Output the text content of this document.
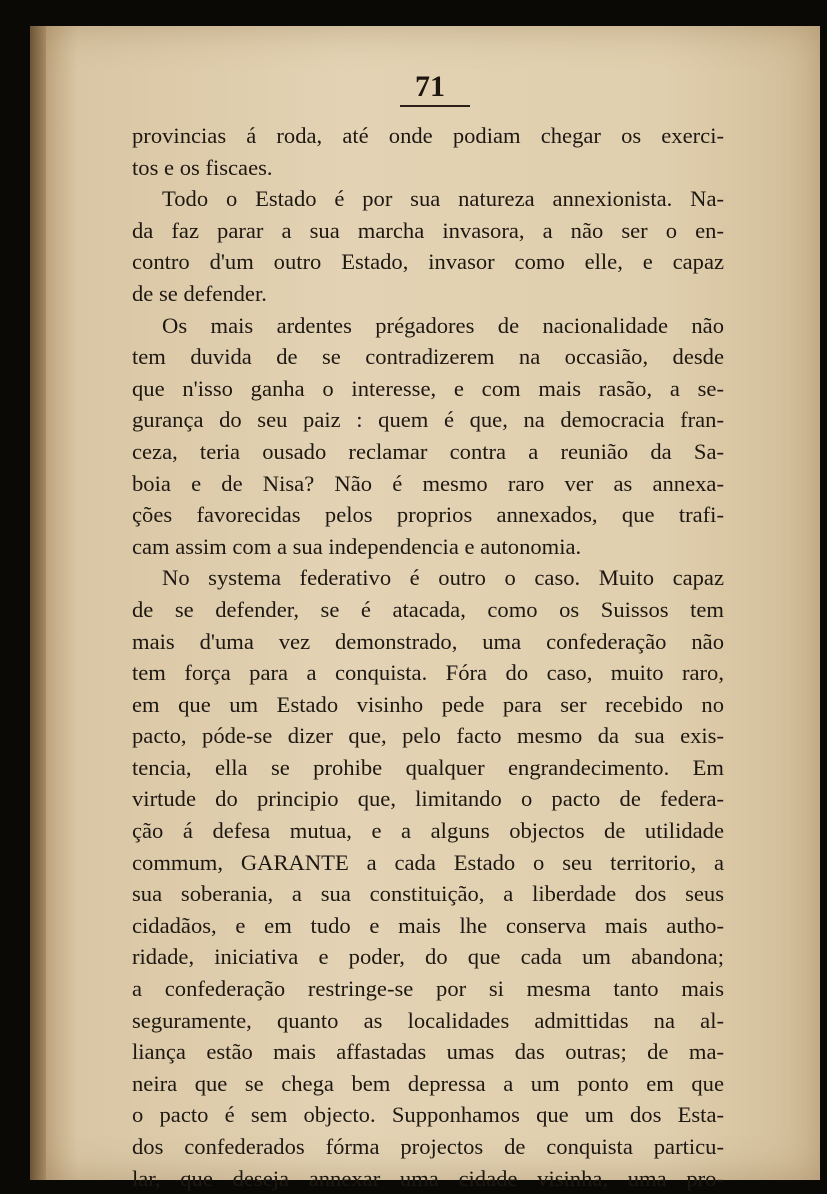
71
provincias á roda, até onde podiam chegar os exerci-
tos e os fiscaes.
Todo o Estado é por sua natureza annexionista. Na-
da faz parar a sua marcha invasora, a não ser o en-
contro d'um outro Estado, invasor como elle, e capaz
de se defender.
Os mais ardentes prégadores de nacionalidade não
tem duvida de se contradizerem na occasião, desde
que n'isso ganha o interesse, e com mais rasão, a se-
gurança do seu paiz : quem é que, na democracia fran-
ceza, teria ousado reclamar contra a reunião da Sa-
boia e de Nisa? Não é mesmo raro ver as annexa-
ções favorecidas pelos proprios annexados, que trafi-
cam assim com a sua independencia e autonomia.
No systema federativo é outro o caso. Muito capaz
de se defender, se é atacada, como os Suissos tem
mais d'uma vez demonstrado, uma confederação não
tem força para a conquista. Fóra do caso, muito raro,
em que um Estado visinho pede para ser recebido no
pacto, póde-se dizer que, pelo facto mesmo da sua exis-
tencia, ella se prohibe qualquer engrandecimento. Em
virtude do principio que, limitando o pacto de federa-
ção á defesa mutua, e a alguns objectos de utilidade
commum, GARANTE a cada Estado o seu territorio, a
sua soberania, a sua constituição, a liberdade dos seus
cidadãos, e em tudo e mais lhe conserva mais autho-
ridade, iniciativa e poder, do que cada um abandona;
a confederação restringe-se por si mesma tanto mais
seguramente, quanto as localidades admittidas na al-
liança estão mais affastadas umas das outras; de ma-
neira que se chega bem depressa a um ponto em que
o pacto é sem objecto. Supponhamos que um dos Esta-
dos confederados fórma projectos de conquista particu-
lar, que deseja annexar uma cidade visinha, uma pro-
